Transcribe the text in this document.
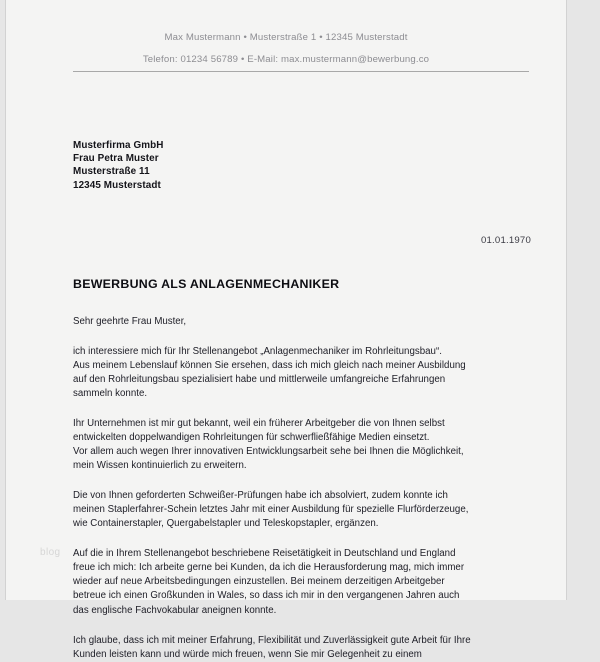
Max Mustermann • Musterstraße 1 • 12345 Musterstadt
Telefon: 01234 56789 • E-Mail: max.mustermann@bewerbung.co
Musterfirma GmbH
Frau Petra Muster
Musterstraße 11
12345 Musterstadt
01.01.1970
BEWERBUNG ALS ANLAGENMECHANIKER
Sehr geehrte Frau Muster,
ich interessiere mich für Ihr Stellenangebot „Anlagenmechaniker im Rohrleitungsbau“.
Aus meinem Lebenslauf können Sie ersehen, dass ich mich gleich nach meiner Ausbildung
auf den Rohrleitungsbau spezialisiert habe und mittlerweile umfangreiche Erfahrungen
sammeln konnte.
Ihr Unternehmen ist mir gut bekannt, weil ein früherer Arbeitgeber die von Ihnen selbst
entwickelten doppelwandigen Rohrleitungen für schwerfließfähige Medien einsetzt.
Vor allem auch wegen Ihrer innovativen Entwicklungsarbeit sehe bei Ihnen die Möglichkeit,
mein Wissen kontinuierlich zu erweitern.
Die von Ihnen geforderten Schweißer-Prüfungen habe ich absolviert, zudem konnte ich
meinen Staplerfahrer-Schein letztes Jahr mit einer Ausbildung für spezielle Flurförderzeuge,
wie Containerstapler, Quergabelstapler und Teleskopstapler, ergänzen.
Auf die in Ihrem Stellenangebot beschriebene Reisetätigkeit in Deutschland und England
freue ich mich: Ich arbeite gerne bei Kunden, da ich die Herausforderung mag, mich immer
wieder auf neue Arbeitsbedingungen einzustellen. Bei meinem derzeitigen Arbeitgeber
betreue ich einen Großkunden in Wales, so dass ich mir in den vergangenen Jahren auch
das englische Fachvokabular aneignen konnte.
Ich glaube, dass ich mit meiner Erfahrung, Flexibilität und Zuverlässigkeit gute Arbeit für Ihre
Kunden leisten kann und würde mich freuen, wenn Sie mir Gelegenheit zu einem
blog
